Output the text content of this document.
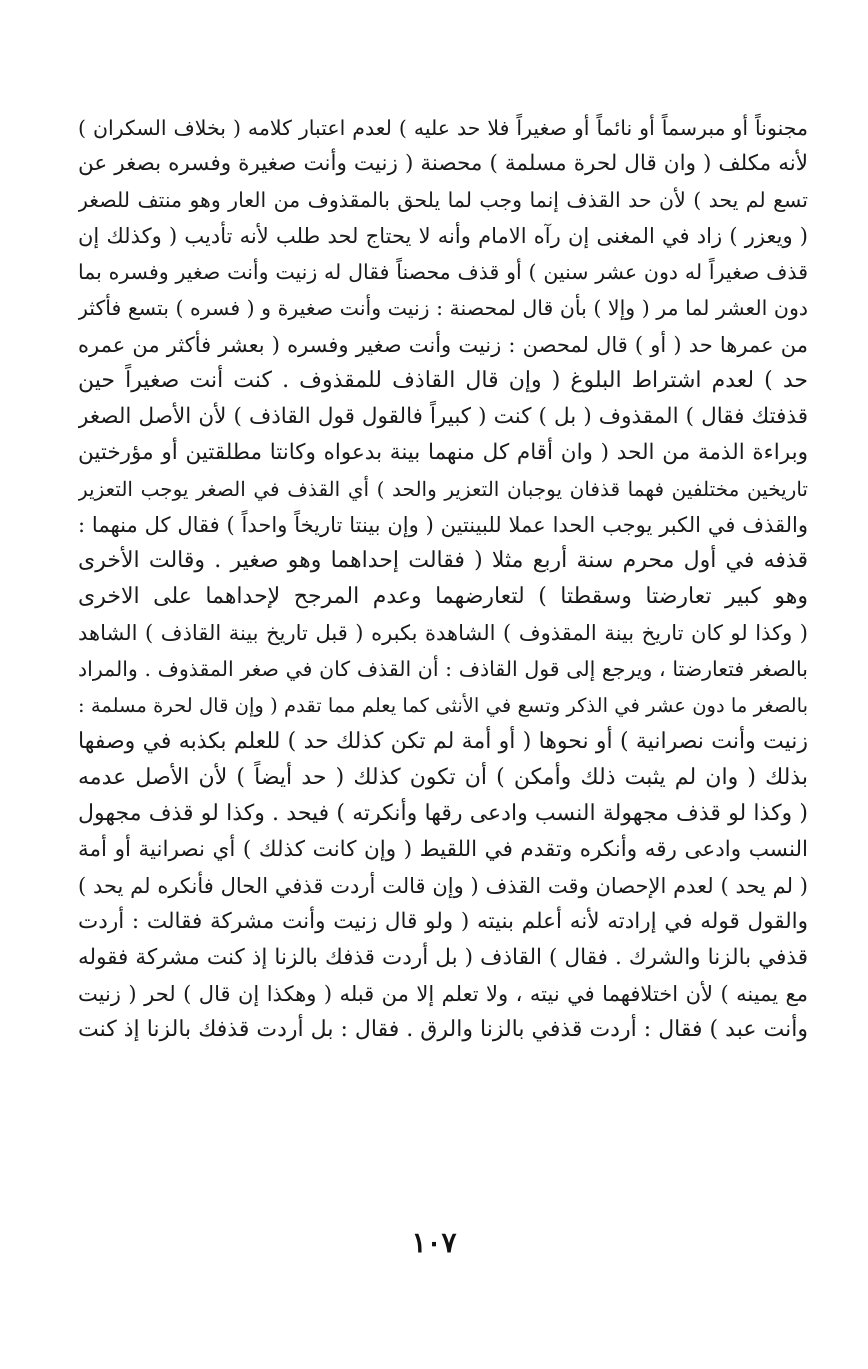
مجنوناً أو مبرسماً أو نائماً أو صغيراً فلا حد عليه ) لعدم اعتبار كلامه ( بخلاف السكران )
لأنه مكلف ( وان قال لحرة مسلمة ) محصنة ( زنيت وأنت صغيرة وفسره بصغر عن
تسع لم يحد ) لأن حد القذف إنما وجب لما يلحق بالمقذوف من العار وهو منتف للصغر
( ويعزر ) زاد في المغنى إن رآه الامام وأنه لا يحتاج لحد طلب لأنه تأديب ( وكذلك إن
قذف صغيراً له دون عشر سنين ) أو قذف محصناً فقال له زنيت وأنت صغير وفسره بما
دون العشر لما مر ( وإلا ) بأن قال لمحصنة : زنيت وأنت صغيرة و ( فسره ) بتسع فأكثر
من عمرها حد ( أو ) قال لمحصن : زنيت وأنت صغير وفسره ( بعشر فأكثر من عمره
حد ) لعدم اشتراط البلوغ ( وإن قال القاذف للمقذوف . كنت أنت صغيراً حين
قذفتك فقال ) المقذوف ( بل ) كنت ( كبيراً فالقول قول القاذف ) لأن الأصل الصغر
وبراءة الذمة من الحد ( وان أقام كل منهما بينة بدعواه وكانتا مطلقتين أو مؤرختين
تاريخين مختلفين فهما قذفان يوجبان التعزير والحد ) أي القذف في الصغر يوجب التعزير
والقذف في الكبر يوجب الحدا عملا للبينتين ( وإن بينتا تاريخاً واحداً ) فقال كل منهما :
قذفه في أول محرم سنة أربع مثلا ( فقالت إحداهما وهو صغير . وقالت الأخرى
وهو كبير تعارضتا وسقطتا ) لتعارضهما وعدم المرجح لإحداهما على الاخرى
( وكذا لو كان تاريخ بينة المقذوف ) الشاهدة بكبره ( قبل تاريخ بينة القاذف ) الشاهد
بالصغر فتعارضتا ، ويرجع إلى قول القاذف : أن القذف كان في صغر المقذوف . والمراد
بالصغر ما دون عشر في الذكر وتسع في الأنثى كما يعلم مما تقدم ( وإن قال لحرة مسلمة :
زنيت وأنت نصرانية ) أو نحوها ( أو أمة لم تكن كذلك حد ) للعلم بكذبه في وصفها
بذلك ( وان لم يثبت ذلك وأمكن ) أن تكون كذلك ( حد أيضاً ) لأن الأصل عدمه
( وكذا لو قذف مجهولة النسب وادعى رقها وأنكرته ) فيحد . وكذا لو قذف مجهول
النسب وادعى رقه وأنكره وتقدم في اللقيط ( وإن كانت كذلك ) أي نصرانية أو أمة
( لم يحد ) لعدم الإحصان وقت القذف ( وإن قالت أردت قذفي الحال فأنكره لم يحد )
والقول قوله في إرادته لأنه أعلم بنيته ( ولو قال زنيت وأنت مشركة فقالت : أردت
قذفي بالزنا والشرك . فقال ) القاذف ( بل أردت قذفك بالزنا إذ كنت مشركة فقوله
مع يمينه ) لأن اختلافهما في نيته ، ولا تعلم إلا من قبله ( وهكذا إن قال ) لحر ( زنيت
وأنت عبد ) فقال : أردت قذفي بالزنا والرق . فقال : بل أردت قذفك بالزنا إذ كنت
١٠٧
